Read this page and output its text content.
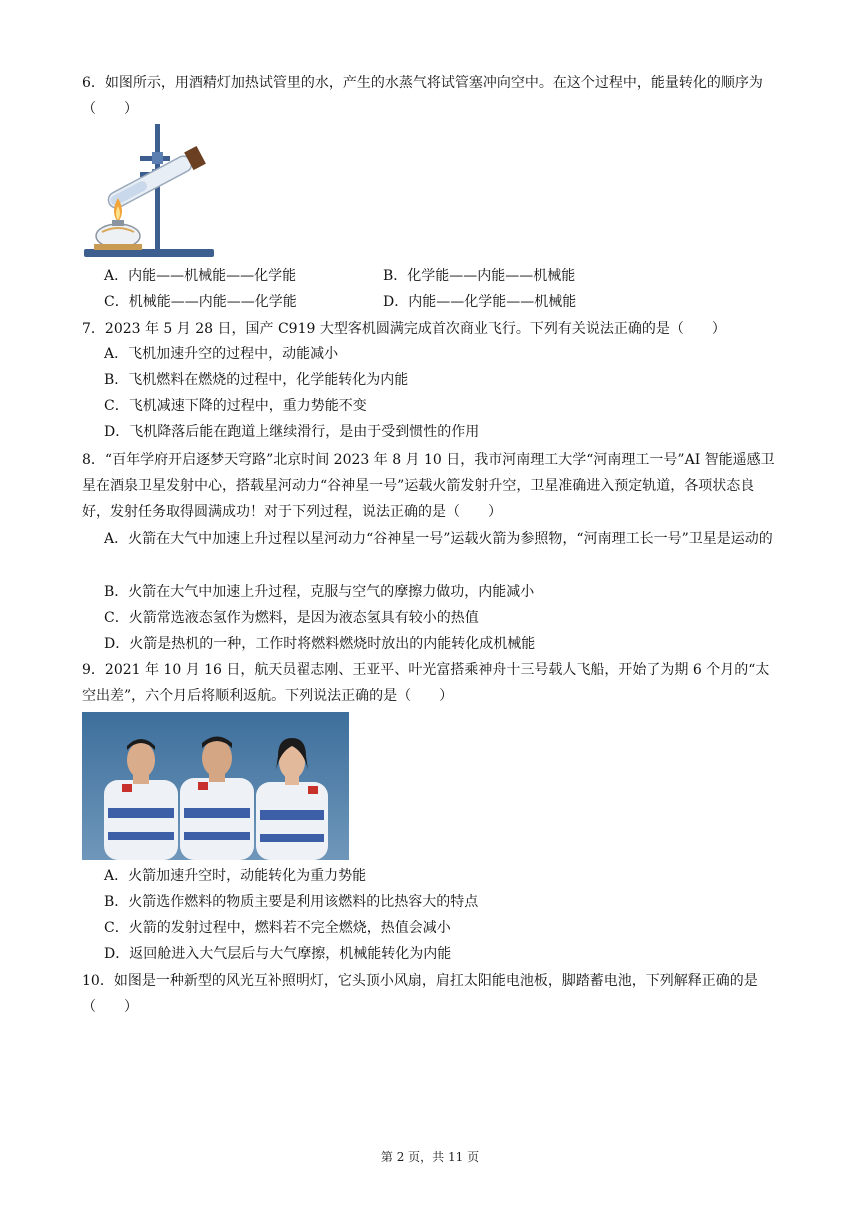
6．如图所示，用酒精灯加热试管里的水，产生的水蒸气将试管塞冲向空中。在这个过程中，能量转化的顺序为（　　）
A．内能——机械能——化学能	B．化学能——内能——机械能
C．机械能——内能——化学能	D．内能——化学能——机械能
7．2023 年 5 月 28 日，国产 C919 大型客机圆满完成首次商业飞行。下列有关说法正确的是（　　）
A．飞机加速升空的过程中，动能减小
B．飞机燃料在燃烧的过程中，化学能转化为内能
C．飞机减速下降的过程中，重力势能不变
D．飞机降落后能在跑道上继续滑行，是由于受到惯性的作用
8．“百年学府开启逐梦天穹路”北京时间 2023 年 8 月 10 日，我市河南理工大学“河南理工一号”AI 智能遥感卫星在酒泉卫星发射中心，搭载星河动力“谷神星一号”运载火箭发射升空，卫星准确进入预定轨道，各项状态良好，发射任务取得圆满成功！对于下列过程，说法正确的是（　　）
A．火箭在大气中加速上升过程以星河动力“谷神星一号”运载火箭为参照物，“河南理工长一号”卫星是运动的
B．火箭在大气中加速上升过程，克服与空气的摩擦力做功，内能减小
C．火箭常选液态氢作为燃料，是因为液态氢具有较小的热值
D．火箭是热机的一种，工作时将燃料燃烧时放出的内能转化成机械能
9．2021 年 10 月 16 日，航天员翟志刚、王亚平、叶光富搭乘神舟十三号载人飞船，开始了为期 6 个月的“太空出差”，六个月后将顺利返航。下列说法正确的是（　　）
A．火箭加速升空时，动能转化为重力势能
B．火箭选作燃料的物质主要是利用该燃料的比热容大的特点
C．火箭的发射过程中，燃料若不完全燃烧，热值会减小
D．返回舱进入大气层后与大气摩擦，机械能转化为内能
10．如图是一种新型的风光互补照明灯，它头顶小风扇，肩扛太阳能电池板，脚踏蓄电池，下列解释正确的是（　　）
第 2 页，共 11 页
